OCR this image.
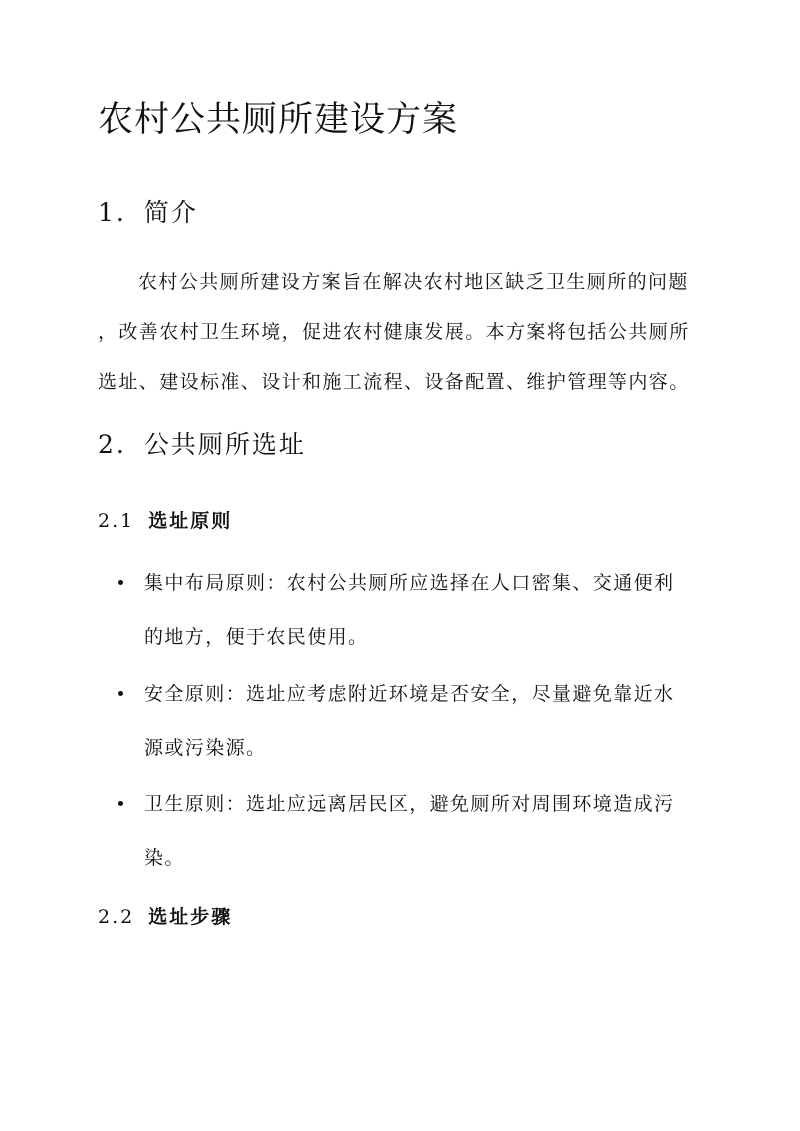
农村公共厕所建设方案
1. 简介
农村公共厕所建设方案旨在解决农村地区缺乏卫生厕所的问题
，改善农村卫生环境，促进农村健康发展。本方案将包括公共厕所
选址、建设标准、设计和施工流程、设备配置、维护管理等内容。
2. 公共厕所选址
2.1 选址原则
集中布局原则：农村公共厕所应选择在人口密集、交通便利
的地方，便于农民使用。
安全原则：选址应考虑附近环境是否安全，尽量避免靠近水
源或污染源。
卫生原则：选址应远离居民区，避免厕所对周围环境造成污
染。
2.2 选址步骤
